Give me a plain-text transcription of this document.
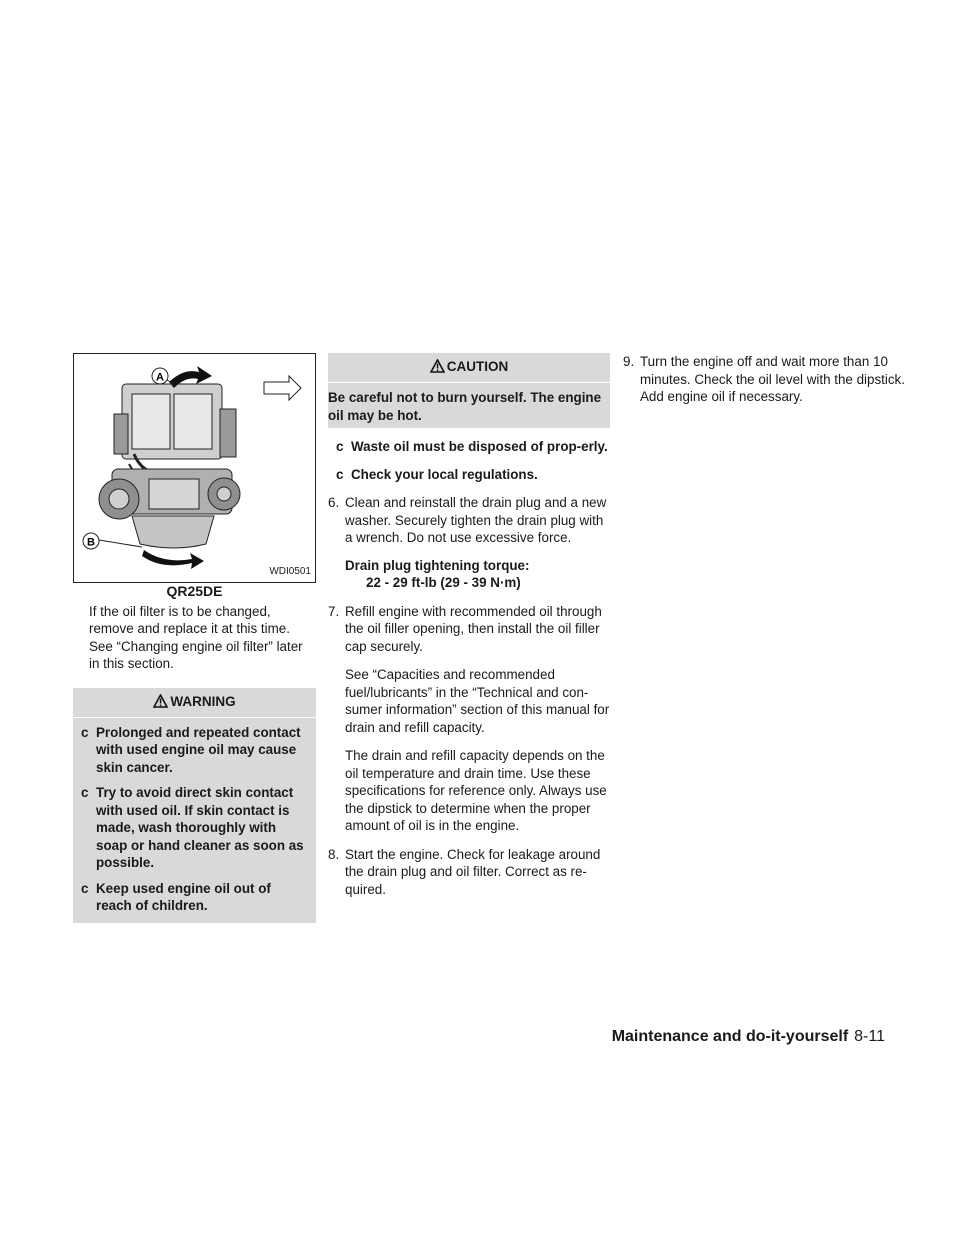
A
B
WDI0501
QR25DE

If the oil filter is to be changed, remove and replace it at this time. See “Changing engine oil filter” later in this section.

WARNING
c Prolonged and repeated contact with used engine oil may cause skin cancer.
c Try to avoid direct skin contact with used oil. If skin contact is made, wash thoroughly with soap or hand cleaner as soon as possible.
c Keep used engine oil out of reach of children.
CAUTION
Be careful not to burn yourself. The engine oil may be hot.
c Waste oil must be disposed of prop-erly.
c Check your local regulations.
6. Clean and reinstall the drain plug and a new washer. Securely tighten the drain plug with a wrench. Do not use excessive force.

Drain plug tightening torque:
22 - 29 ft-lb (29 - 39 N·m)
7. Refill engine with recommended oil through the oil filler opening, then install the oil filler cap securely.

See “Capacities and recommended fuel/lubricants” in the “Technical and con-sumer information” section of this manual for drain and refill capacity.

The drain and refill capacity depends on the oil temperature and drain time. Use these specifications for reference only. Always use the dipstick to determine when the proper amount of oil is in the engine.

8. Start the engine. Check for leakage around the drain plug and oil filter. Correct as re-quired.

9. Turn the engine off and wait more than 10 minutes. Check the oil level with the dipstick. Add engine oil if necessary.

Maintenance and do-it-yourself 8-11
